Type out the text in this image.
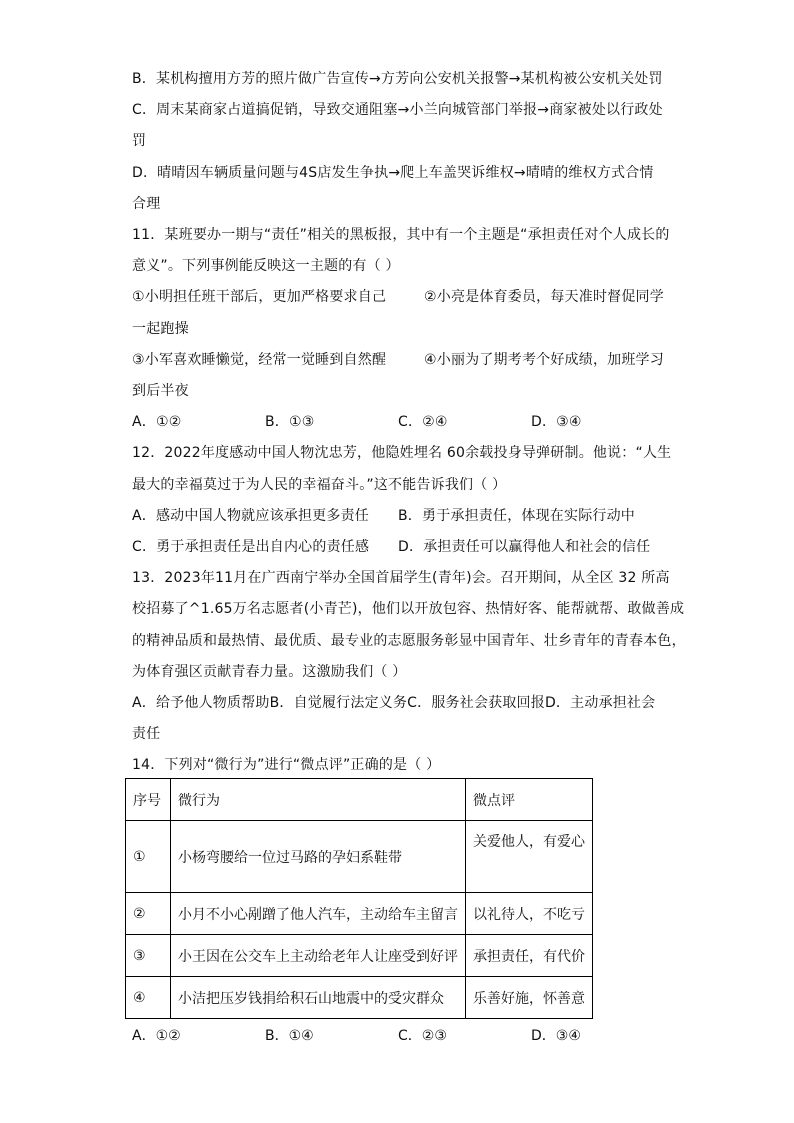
B．某机构擅用方芳的照片做广告宣传→方芳向公安机关报警→某机构被公安机关处罚
C．周末某商家占道搞促销，导致交通阻塞→小兰向城管部门举报→商家被处以行政处
罚
D．晴晴因车辆质量问题与4S店发生争执→爬上车盖哭诉维权→晴晴的维权方式合情
合理
11．某班要办一期与“责任”相关的黑板报，其中有一个主题是“承担责任对个人成长的
意义”。下列事例能反映这一主题的有（ ）
①小明担任班干部后，更加严格要求自己	②小亮是体育委员，每天准时督促同学
一起跑操
③小军喜欢睡懒觉，经常一觉睡到自然醒	④小丽为了期考考个好成绩，加班学习
到后半夜
A．①②	B．①③	C．②④	D．③④
12．2022年度感动中国人物沈忠芳，他隐姓埋名 60余载投身导弹研制。他说：“人生
最大的幸福莫过于为人民的幸福奋斗。”这不能告诉我们（ ）
A．感动中国人物就应该承担更多责任	B．勇于承担责任，体现在实际行动中
C．勇于承担责任是出自内心的责任感	D．承担责任可以赢得他人和社会的信任
13．2023年11月在广西南宁举办全国首届学生(青年)会。召开期间，从全区 32 所高
校招募了^1.65万名志愿者(小青芒)，他们以开放包容、热情好客、能帮就帮、敢做善成
的精神品质和最热情、最优质、最专业的志愿服务彰显中国青年、壮乡青年的青春本色，
为体育强区贡献青春力量。这激励我们（ ）
A．给予他人物质帮助B．自觉履行法定义务C．服务社会获取回报D．主动承担社会
责任
14．下列对“微行为”进行“微点评”正确的是（ ）
序号	微行为	微点评
①	小杨弯腰给一位过马路的孕妇系鞋带	关爱他人，有爱心
②	小月不小心剐蹭了他人汽车，主动给车主留言	以礼待人，不吃亏
③	小王因在公交车上主动给老年人让座受到好评	承担责任，有代价
④	小洁把压岁钱捐给积石山地震中的受灾群众	乐善好施，怀善意
A．①②	B．①④	C．②③	D．③④
